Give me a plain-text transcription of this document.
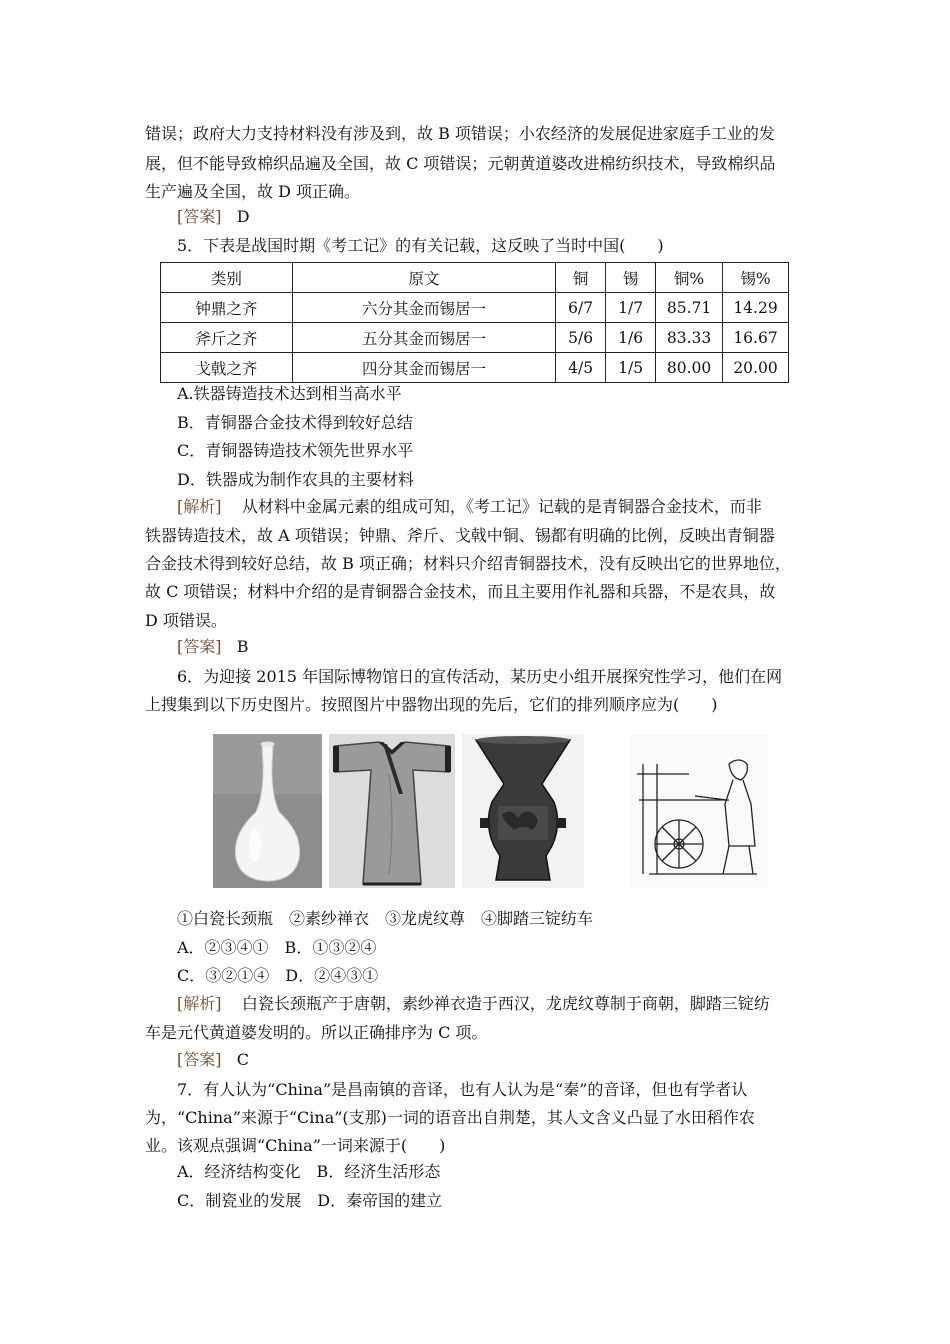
错误；政府大力支持材料没有涉及到，故 B 项错误；小农经济的发展促进家庭手工业的发
展，但不能导致棉织品遍及全国，故 C 项错误；元朝黄道婆改进棉纺织技术，导致棉织品
生产遍及全国，故 D 项正确。
[答案] D
5．下表是战国时期《考工记》的有关记载，这反映了当时中国(　　)
类别	原文	铜	锡	铜%	锡%
钟鼎之齐	六分其金而锡居一	6/7	1/7	85.71	14.29
斧斤之齐	五分其金而锡居一	5/6	1/6	83.33	16.67
戈戟之齐	四分其金而锡居一	4/5	1/5	80.00	20.00
A.铁器铸造技术达到相当高水平
B．青铜器合金技术得到较好总结
C．青铜器铸造技术领先世界水平
D．铁器成为制作农具的主要材料
[解析] 从材料中金属元素的组成可知，《考工记》记载的是青铜器合金技术，而非
铁器铸造技术，故 A 项错误；钟鼎、斧斤、戈戟中铜、锡都有明确的比例，反映出青铜器
合金技术得到较好总结，故 B 项正确；材料只介绍青铜器技术，没有反映出它的世界地位，
故 C 项错误；材料中介绍的是青铜器合金技术，而且主要用作礼器和兵器，不是农具，故
D 项错误。
[答案] B
6．为迎接 2015 年国际博物馆日的宣传活动，某历史小组开展探究性学习，他们在网
上搜集到以下历史图片。按照图片中器物出现的先后，它们的排列顺序应为(　　)
①白瓷长颈瓶　②素纱禅衣　③龙虎纹尊　④脚踏三锭纺车
A．②③④①　B．①③②④
C．③②①④　D．②④③①
[解析] 白瓷长颈瓶产于唐朝，素纱禅衣造于西汉，龙虎纹尊制于商朝，脚踏三锭纺
车是元代黄道婆发明的。所以正确排序为 C 项。
[答案] C
7．有人认为“China”是昌南镇的音译，也有人认为是“秦”的音译，但也有学者认
为，“China”来源于“Cina”(支那)一词的语音出自荆楚，其人文含义凸显了水田稻作农
业。该观点强调“China”一词来源于(　　)
A．经济结构变化　B．经济生活形态
C．制瓷业的发展　D．秦帝国的建立
